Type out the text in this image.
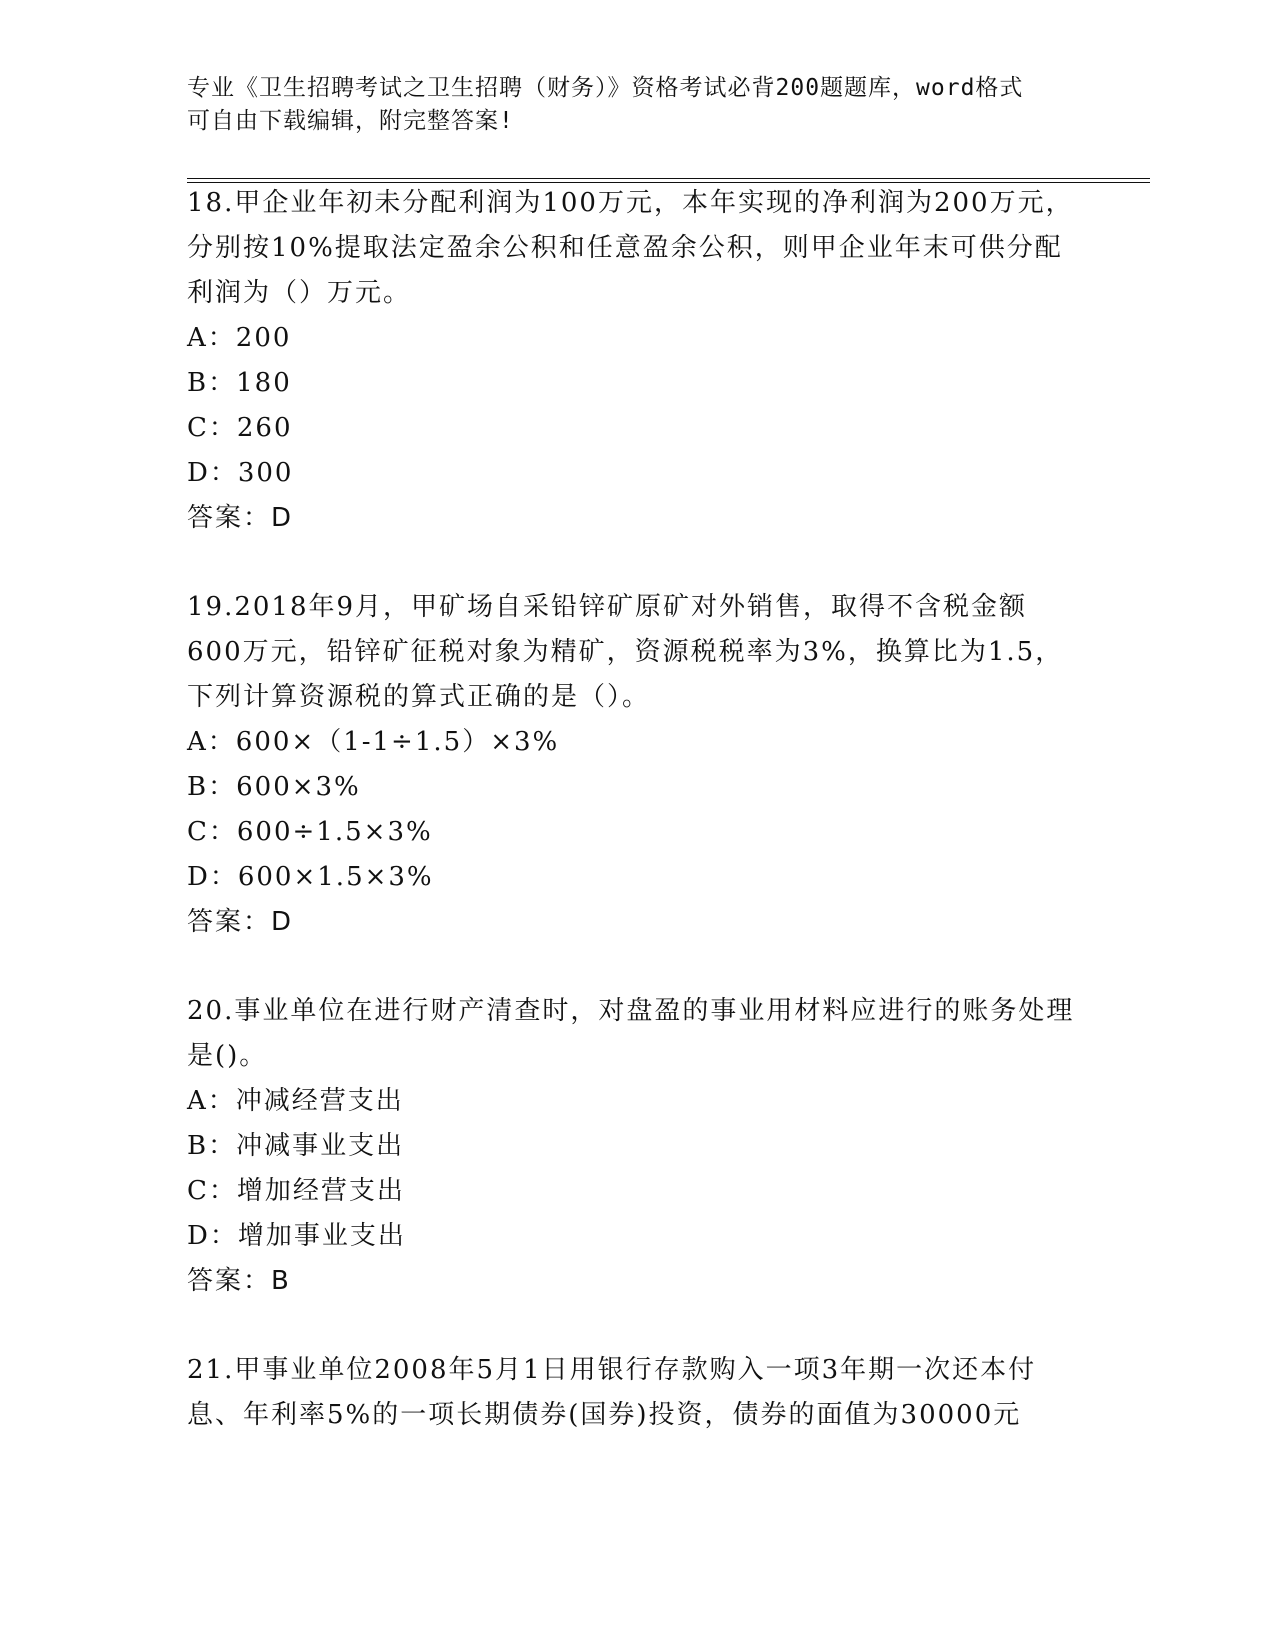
专业《卫生招聘考试之卫生招聘（财务）》资格考试必背200题题库，word格式
可自由下载编辑，附完整答案!

18.甲企业年初未分配利润为100万元，本年实现的净利润为200万元，分别按10%提取法定盈余公积和任意盈余公积，则甲企业年末可供分配利润为（）万元。

A：200
B：180
C：260
D：300
答案：D

19.2018年9月，甲矿场自采铅锌矿原矿对外销售，取得不含税金额600万元，铅锌矿征税对象为精矿，资源税税率为3%，换算比为1.5，下列计算资源税的算式正确的是（）。

A：600×（1-1÷1.5）×3%
B：600×3%
C：600÷1.5×3%
D：600×1.5×3%
答案：D

20.事业单位在进行财产清查时，对盘盈的事业用材料应进行的账务处理是()。

A：冲减经营支出
B：冲减事业支出
C：增加经营支出
D：增加事业支出
答案：B

21.甲事业单位2008年5月1日用银行存款购入一项3年期一次还本付息、年利率5%的一项长期债券(国券)投资，债券的面值为30000元
